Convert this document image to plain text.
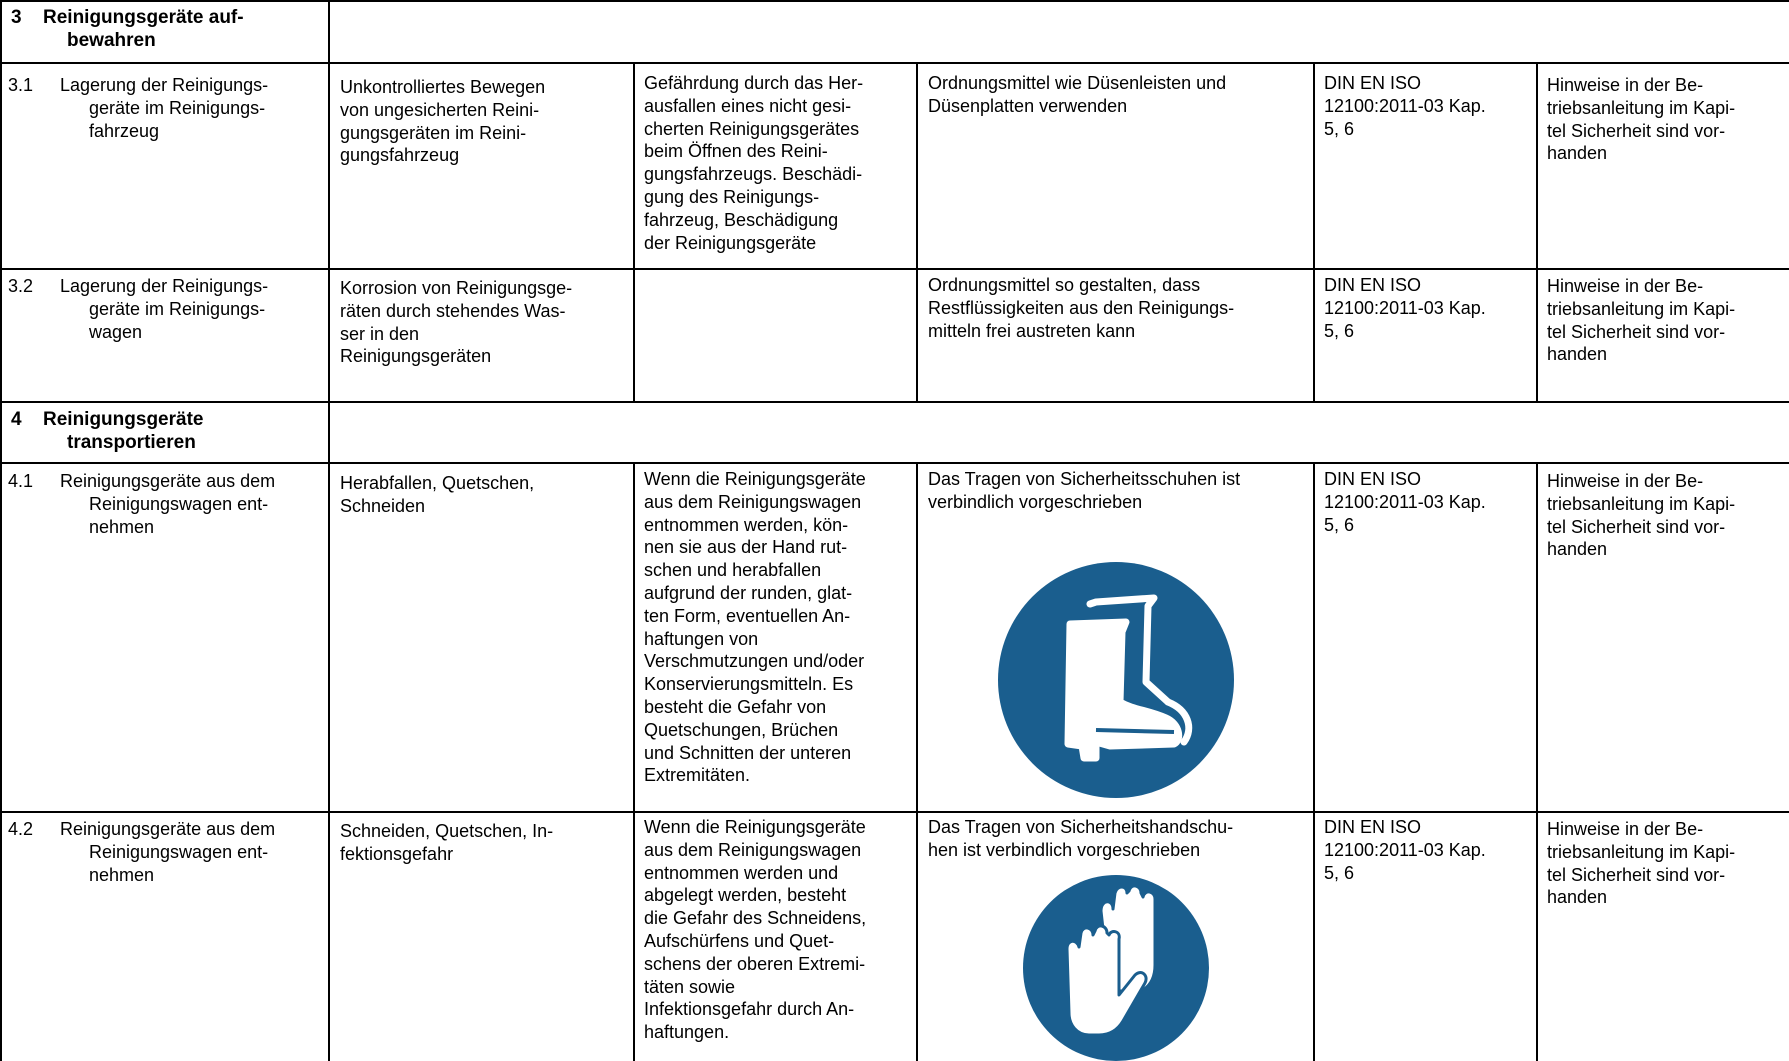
3 Reinigungsgeräte auf-
bewahren
3.1 Lagerung der Reinigungs-
geräte im Reinigungs-
fahrzeug
Unkontrolliertes Bewegen
von ungesicherten Reini-
gungsgeräten im Reini-
gungsfahrzeug
Gefährdung durch das Her-
ausfallen eines nicht gesi-
cherten Reinigungsgerätes
beim Öffnen des Reini-
gungsfahrzeugs. Beschädi-
gung des Reinigungs-
fahrzeug, Beschädigung
der Reinigungsgeräte
Ordnungsmittel wie Düsenleisten und
Düsenplatten verwenden
DIN EN ISO
12100:2011-03 Kap.
5, 6
Hinweise in der Be-
triebsanleitung im Kapi-
tel Sicherheit sind vor-
handen
3.2 Lagerung der Reinigungs-
geräte im Reinigungs-
wagen
Korrosion von Reinigungsge-
räten durch stehendes Was-
ser in den
Reinigungsgeräten
Ordnungsmittel so gestalten, dass
Restflüssigkeiten aus den Reinigungs-
mitteln frei austreten kann
DIN EN ISO
12100:2011-03 Kap.
5, 6
Hinweise in der Be-
triebsanleitung im Kapi-
tel Sicherheit sind vor-
handen
4 Reinigungsgeräte
transportieren
4.1 Reinigungsgeräte aus dem
Reinigungswagen ent-
nehmen
Herabfallen, Quetschen,
Schneiden
Wenn die Reinigungsgeräte
aus dem Reinigungswagen
entnommen werden, kön-
nen sie aus der Hand rut-
schen und herabfallen
aufgrund der runden, glat-
ten Form, eventuellen An-
haftungen von
Verschmutzungen und/oder
Konservierungsmitteln. Es
besteht die Gefahr von
Quetschungen, Brüchen
und Schnitten der unteren
Extremitäten.
Das Tragen von Sicherheitsschuhen ist
verbindlich vorgeschrieben
DIN EN ISO
12100:2011-03 Kap.
5, 6
Hinweise in der Be-
triebsanleitung im Kapi-
tel Sicherheit sind vor-
handen
4.2 Reinigungsgeräte aus dem
Reinigungswagen ent-
nehmen
Schneiden, Quetschen, In-
fektionsgefahr
Wenn die Reinigungsgeräte
aus dem Reinigungswagen
entnommen werden und
abgelegt werden, besteht
die Gefahr des Schneidens,
Aufschürfens und Quet-
schens der oberen Extremi-
täten sowie
Infektionsgefahr durch An-
haftungen.
Das Tragen von Sicherheitshandschu-
hen ist verbindlich vorgeschrieben
DIN EN ISO
12100:2011-03 Kap.
5, 6
Hinweise in der Be-
triebsanleitung im Kapi-
tel Sicherheit sind vor-
handen
